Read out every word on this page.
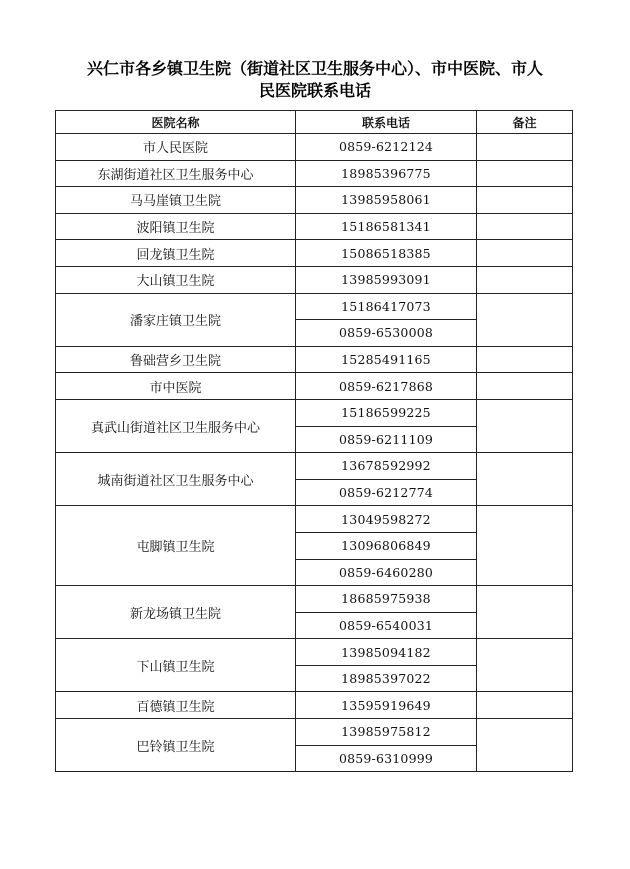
兴仁市各乡镇卫生院（街道社区卫生服务中心）、市中医院、市人
民医院联系电话
医院名称	联系电话	备注
市人民医院	0859-6212124	
东湖街道社区卫生服务中心	18985396775	
马马崖镇卫生院	13985958061	
波阳镇卫生院	15186581341	
回龙镇卫生院	15086518385	
大山镇卫生院	13985993091	
潘家庄镇卫生院	15186417073	
	0859-6530008	
鲁础营乡卫生院	15285491165	
市中医院	0859-6217868	
真武山街道社区卫生服务中心	15186599225	
	0859-6211109	
城南街道社区卫生服务中心	13678592992	
	0859-6212774	
屯脚镇卫生院	13049598272	
	13096806849	
	0859-6460280	
新龙场镇卫生院	18685975938	
	0859-6540031	
下山镇卫生院	13985094182	
	18985397022	
百德镇卫生院	13595919649	
巴铃镇卫生院	13985975812	
	0859-6310999	
